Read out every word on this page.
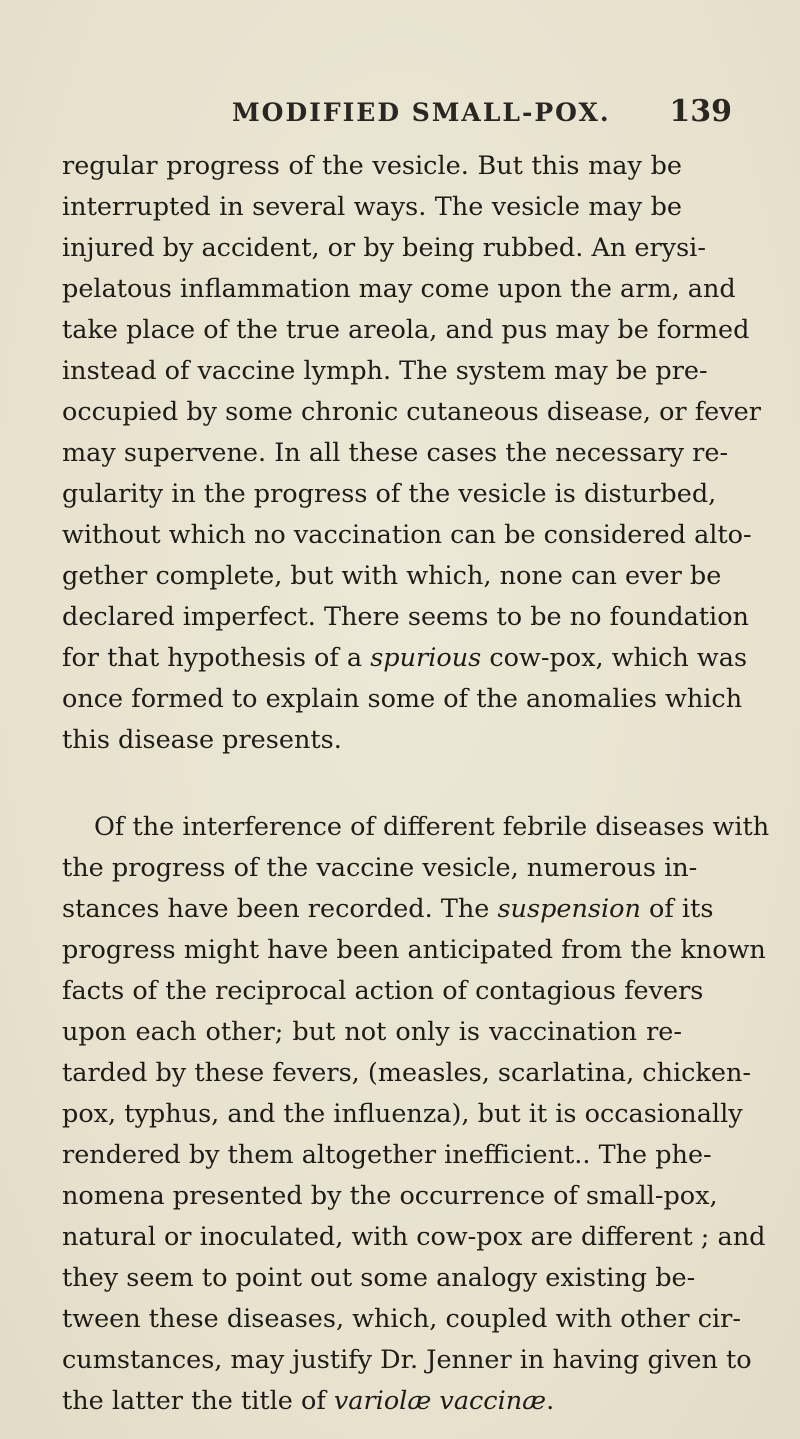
MODIFIED SMALL-POX. 139
regular progress of the vesicle. But this may be
interrupted in several ways. The vesicle may be
injured by accident, or by being rubbed. An erysi-
pelatous inflammation may come upon the arm, and
take place of the true areola, and pus may be formed
instead of vaccine lymph. The system may be pre-
occupied by some chronic cutaneous disease, or fever
may supervene. In all these cases the necessary re-
gularity in the progress of the vesicle is disturbed,
without which no vaccination can be considered alto-
gether complete, but with which, none can ever be
declared imperfect. There seems to be no foundation
for that hypothesis of a spurious cow-pox, which was
once formed to explain some of the anomalies which
this disease presents.
Of the interference of different febrile diseases with
the progress of the vaccine vesicle, numerous in-
stances have been recorded. The suspension of its
progress might have been anticipated from the known
facts of the reciprocal action of contagious fevers
upon each other; but not only is vaccination re-
tarded by these fevers, (measles, scarlatina, chicken-
pox, typhus, and the influenza), but it is occasionally
rendered by them altogether inefficient.. The phe-
nomena presented by the occurrence of small-pox,
natural or inoculated, with cow-pox are different ; and
they seem to point out some analogy existing be-
tween these diseases, which, coupled with other cir-
cumstances, may justify Dr. Jenner in having given to
the latter the title of variolæ vaccinæ.
